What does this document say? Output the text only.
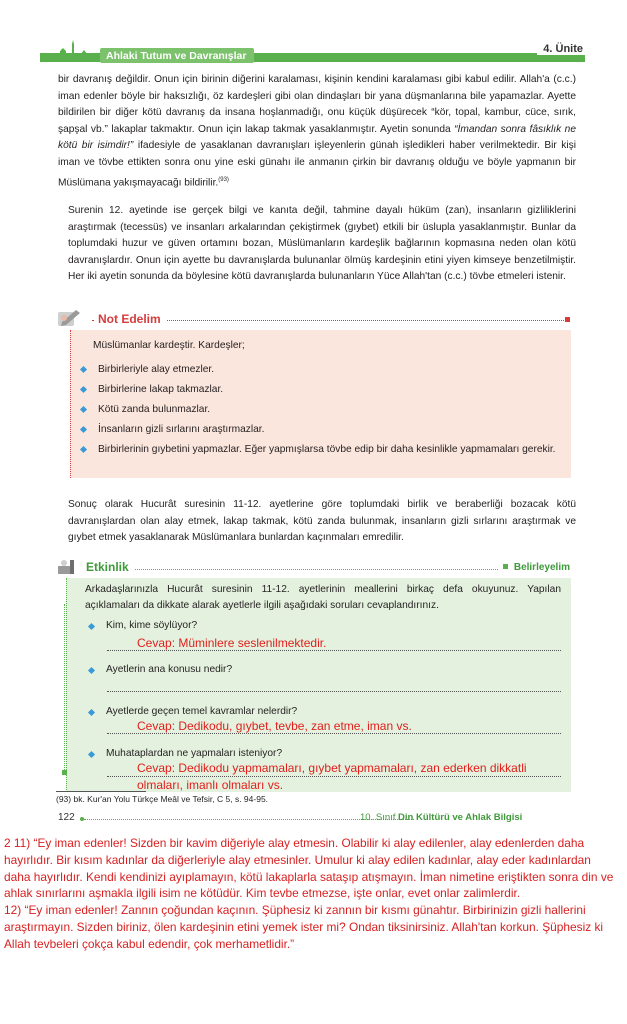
Ahlaki Tutum ve Davranışlar
4. Ünite
bir davranış değildir. Onun için birinin diğerini karalaması, kişinin kendini karalaması gibi kabul edilir. Allah'a (c.c.) iman edenler böyle bir haksızlığı, öz kardeşleri gibi olan dindaşları bir yana düşmanlarına bile yapamazlar. Ayette bildirilen bir diğer kötü davranış da insana hoşlanmadığı, onu küçük düşürecek “kör, topal, kambur, cüce, sırık, şapşal vb.” lakaplar takmaktır. Onun için lakap takmak yasaklanmıştır. Ayetin sonunda “İmandan sonra fâsıklık ne kötü bir isimdir!” ifadesiyle de yasaklanan davranışları işleyenlerin günah işledikleri haber verilmektedir. Bir kişi iman ve tövbe ettikten sonra onu yine eski günahı ile anmanın çirkin bir davranış olduğu ve böyle yapmanın bir Müslümana yakışmayacağı bildirilir.$^{(93)}$
Surenin 12. ayetinde ise gerçek bilgi ve kanıta değil, tahmine dayalı hüküm (zan), insanların gizliliklerini araştırmak (tecessüs) ve insanları arkalarından çekiştirmek (gıybet) etkili bir üslupla yasaklanmıştır. Bunlar da toplumdaki huzur ve güven ortamını bozan, Müslümanların kardeşlik bağlarının kopmasına neden olan kötü davranışlardır. Onun için ayette bu davranışlarda bulunanlar ölmüş kardeşinin etini yiyen kimseye benzetilmiştir. Her iki ayetin sonunda da böylesine kötü davranışlarda bulunanların Yüce Allah'tan (c.c.) tövbe etmeleri istenir.
Not Edelim
Müslümanlar kardeştir. Kardeşler;
Birbirleriyle alay etmezler.
Birbirlerine lakap takmazlar.
Kötü zanda bulunmazlar.
İnsanların gizli sırlarını araştırmazlar.
Birbirlerinin gıybetini yapmazlar. Eğer yapmışlarsa tövbe edip bir daha kesinlikle yapmamaları gerekir.
Sonuç olarak Hucurât suresinin 11-12. ayetlerine göre toplumdaki birlik ve beraberliği bozacak kötü davranışlardan olan alay etmek, lakap takmak, kötü zanda bulunmak, insanların gizli sırlarını araştırmak ve gıybet etmek yasaklanarak Müslümanlara bunlardan kaçınmaları emredilir.
Etkinlik	Belirleyelim
Arkadaşlarınızla Hucurât suresinin 11-12. ayetlerinin meallerini birkaç defa okuyunuz. Yapılan açıklamaları da dikkate alarak ayetlerle ilgili aşağıdaki soruları cevaplandırınız.
Kim, kime söylüyor?
Cevap: Müminlere seslenilmektedir.
Ayetlerin ana konusu nedir?
Ayetlerde geçen temel kavramlar nelerdir?
Cevap: Dedikodu, gıybet, tevbe, zan etme, iman vs.
Muhataplardan ne yapmaları isteniyor?
Cevap: Dedikodu yapmamaları, gıybet yapmamaları, zan ederken dikkatli olmaları, imanlı olmaları vs.
(93) bk. Kur'an Yolu Türkçe Meâl ve Tefsir, C 5, s. 94-95.
122	10. Sınıf Din Kültürü ve Ahlak Bilgisi

2 11) “Ey iman edenler! Sizden bir kavim diğeriyle alay etmesin. Olabilir ki alay edilenler, alay edenlerden daha hayırlıdır. Bir kısım kadınlar da diğerleriyle alay etmesinler. Umulur ki alay edilen kadınlar, alay eder kadınlardan daha hayırlıdır. Kendi kendinizi ayıplamayın, kötü lakaplarla sataşıp atışmayın. İman nimetine eriştikten sonra din ve ahlak sınırlarını aşmakla ilgili isim ne kötüdür. Kim tevbe etmezse, işte onlar, evet onlar zalimlerdir.

12) “Ey iman edenler! Zannın çoğundan kaçının. Şüphesiz ki zannın bir kısmı günahtır. Birbirinizin gizli hallerini araştırmayın. Sizden biriniz, ölen kardeşinin etini yemek ister mi? Ondan tiksinirsiniz. Allah'tan korkun. Şüphesiz ki Allah tevbeleri çokça kabul edendir, çok merhametlidir.”
